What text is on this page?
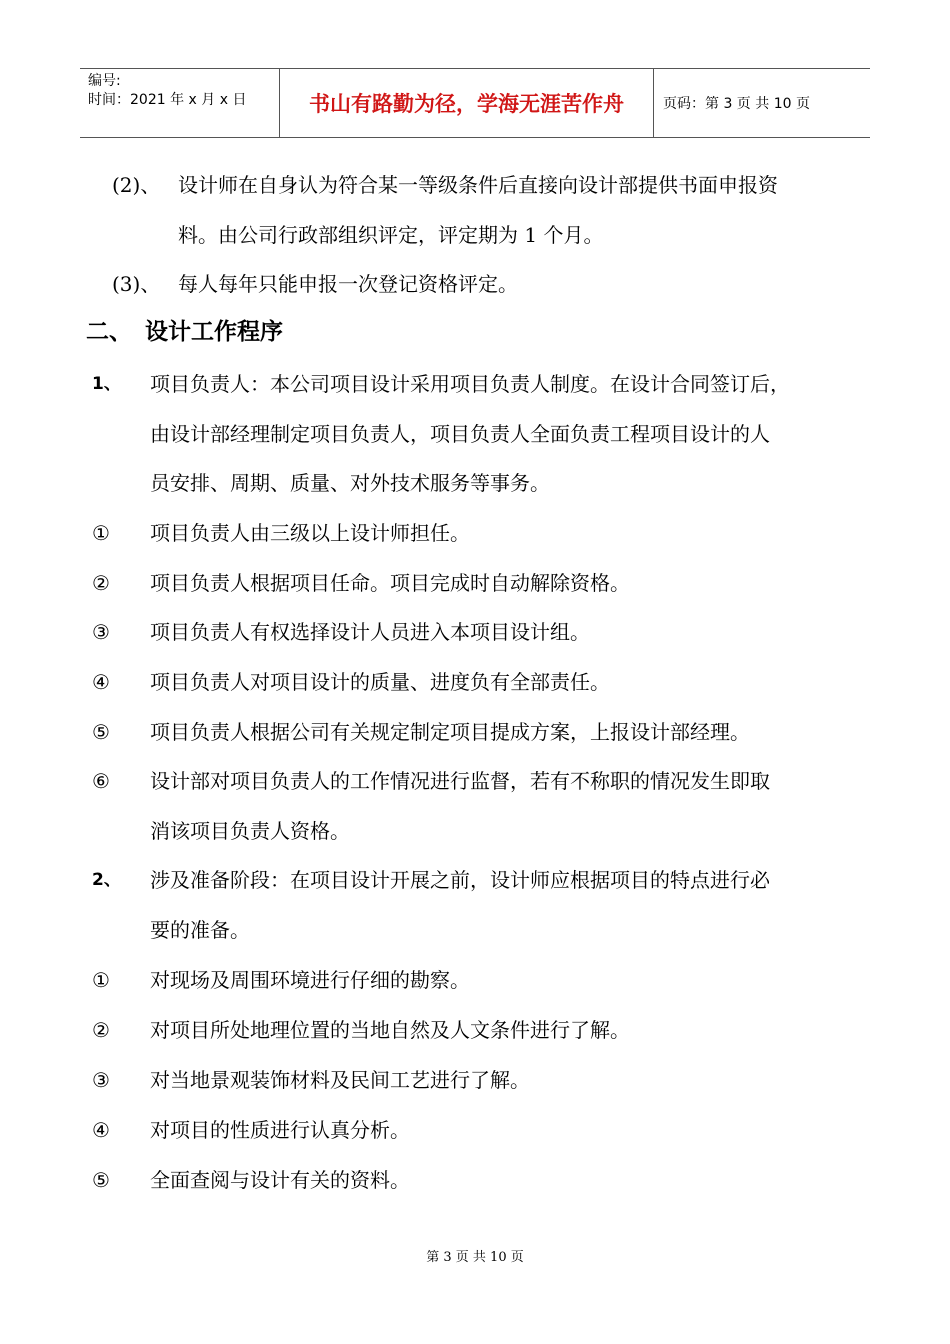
编号:
时间：2021 年 x 月 x 日	书山有路勤为径，学海无涯苦作舟	页码：第 3 页 共 10 页
(2)、 设计师在自身认为符合某一等级条件后直接向设计部提供书面申报资
料。由公司行政部组织评定，评定期为 1 个月。
(3)、 每人每年只能申报一次登记资格评定。
二、 设计工作程序
1、 项目负责人：本公司项目设计采用项目负责人制度。在设计合同签订后，
由设计部经理制定项目负责人，项目负责人全面负责工程项目设计的人
员安排、周期、质量、对外技术服务等事务。
① 项目负责人由三级以上设计师担任。
② 项目负责人根据项目任命。项目完成时自动解除资格。
③ 项目负责人有权选择设计人员进入本项目设计组。
④ 项目负责人对项目设计的质量、进度负有全部责任。
⑤ 项目负责人根据公司有关规定制定项目提成方案，上报设计部经理。
⑥ 设计部对项目负责人的工作情况进行监督，若有不称职的情况发生即取
消该项目负责人资格。
2、 涉及准备阶段：在项目设计开展之前，设计师应根据项目的特点进行必
要的准备。
① 对现场及周围环境进行仔细的勘察。
② 对项目所处地理位置的当地自然及人文条件进行了解。
③ 对当地景观装饰材料及民间工艺进行了解。
④ 对项目的性质进行认真分析。
⑤ 全面查阅与设计有关的资料。
第 3 页 共 10 页
